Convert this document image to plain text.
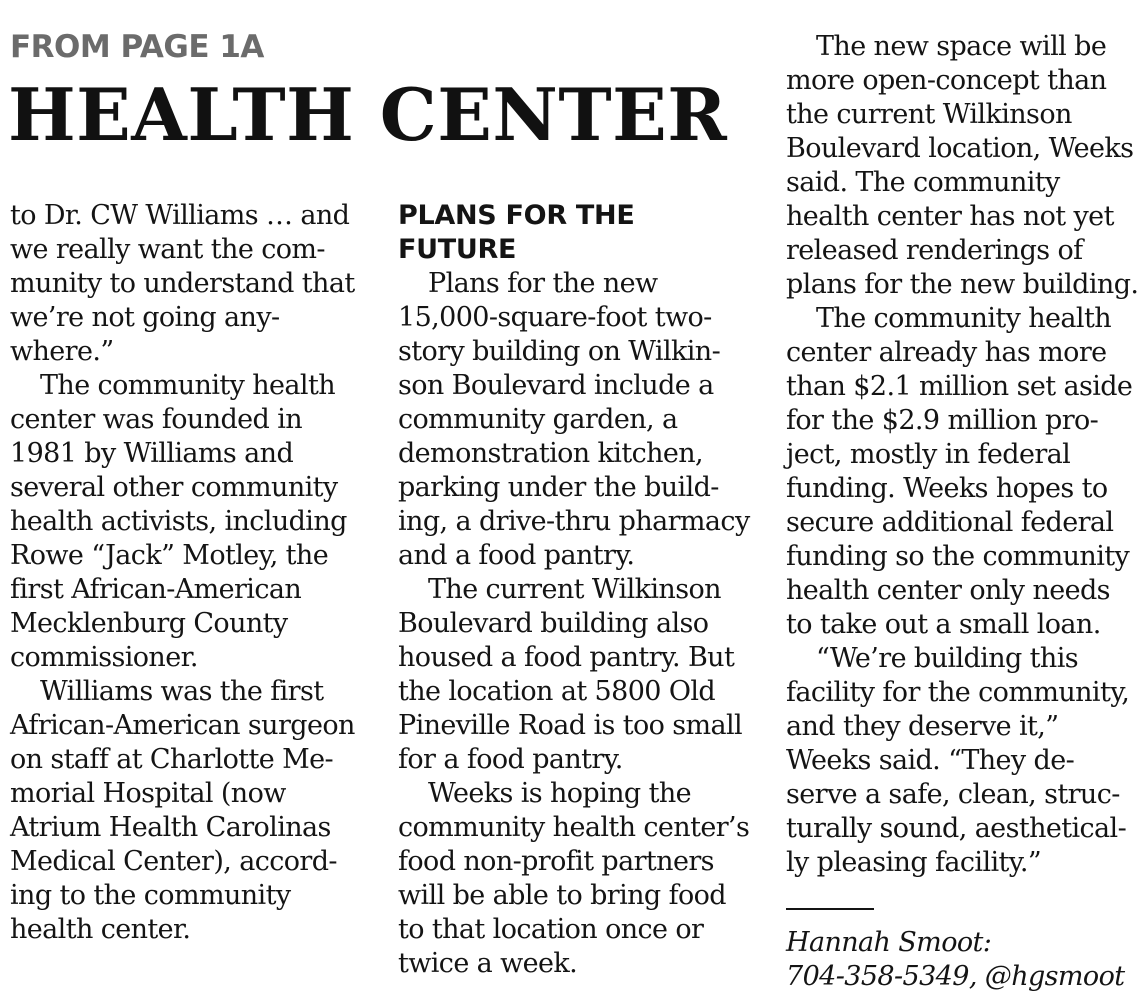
FROM PAGE 1A
HEALTH CENTER
to Dr. CW Williams … and
we really want the com-
munity to understand that
we’re not going any-
where.”
The community health
center was founded in
1981 by Williams and
several other community
health activists, including
Rowe “Jack” Motley, the
first African-American
Mecklenburg County
commissioner.
Williams was the first
African-American surgeon
on staff at Charlotte Me-
morial Hospital (now
Atrium Health Carolinas
Medical Center), accord-
ing to the community
health center.
PLANS FOR THE
FUTURE
Plans for the new
15,000-square-foot two-
story building on Wilkin-
son Boulevard include a
community garden, a
demonstration kitchen,
parking under the build-
ing, a drive-thru pharmacy
and a food pantry.
The current Wilkinson
Boulevard building also
housed a food pantry. But
the location at 5800 Old
Pineville Road is too small
for a food pantry.
Weeks is hoping the
community health center’s
food non-profit partners
will be able to bring food
to that location once or
twice a week.
The new space will be
more open-concept than
the current Wilkinson
Boulevard location, Weeks
said. The community
health center has not yet
released renderings of
plans for the new building.
The community health
center already has more
than $2.1 million set aside
for the $2.9 million pro-
ject, mostly in federal
funding. Weeks hopes to
secure additional federal
funding so the community
health center only needs
to take out a small loan.
“We’re building this
facility for the community,
and they deserve it,”
Weeks said. “They de-
serve a safe, clean, struc-
turally sound, aesthetical-
ly pleasing facility.”
Hannah Smoot:
704-358-5349, @hgsmoot
